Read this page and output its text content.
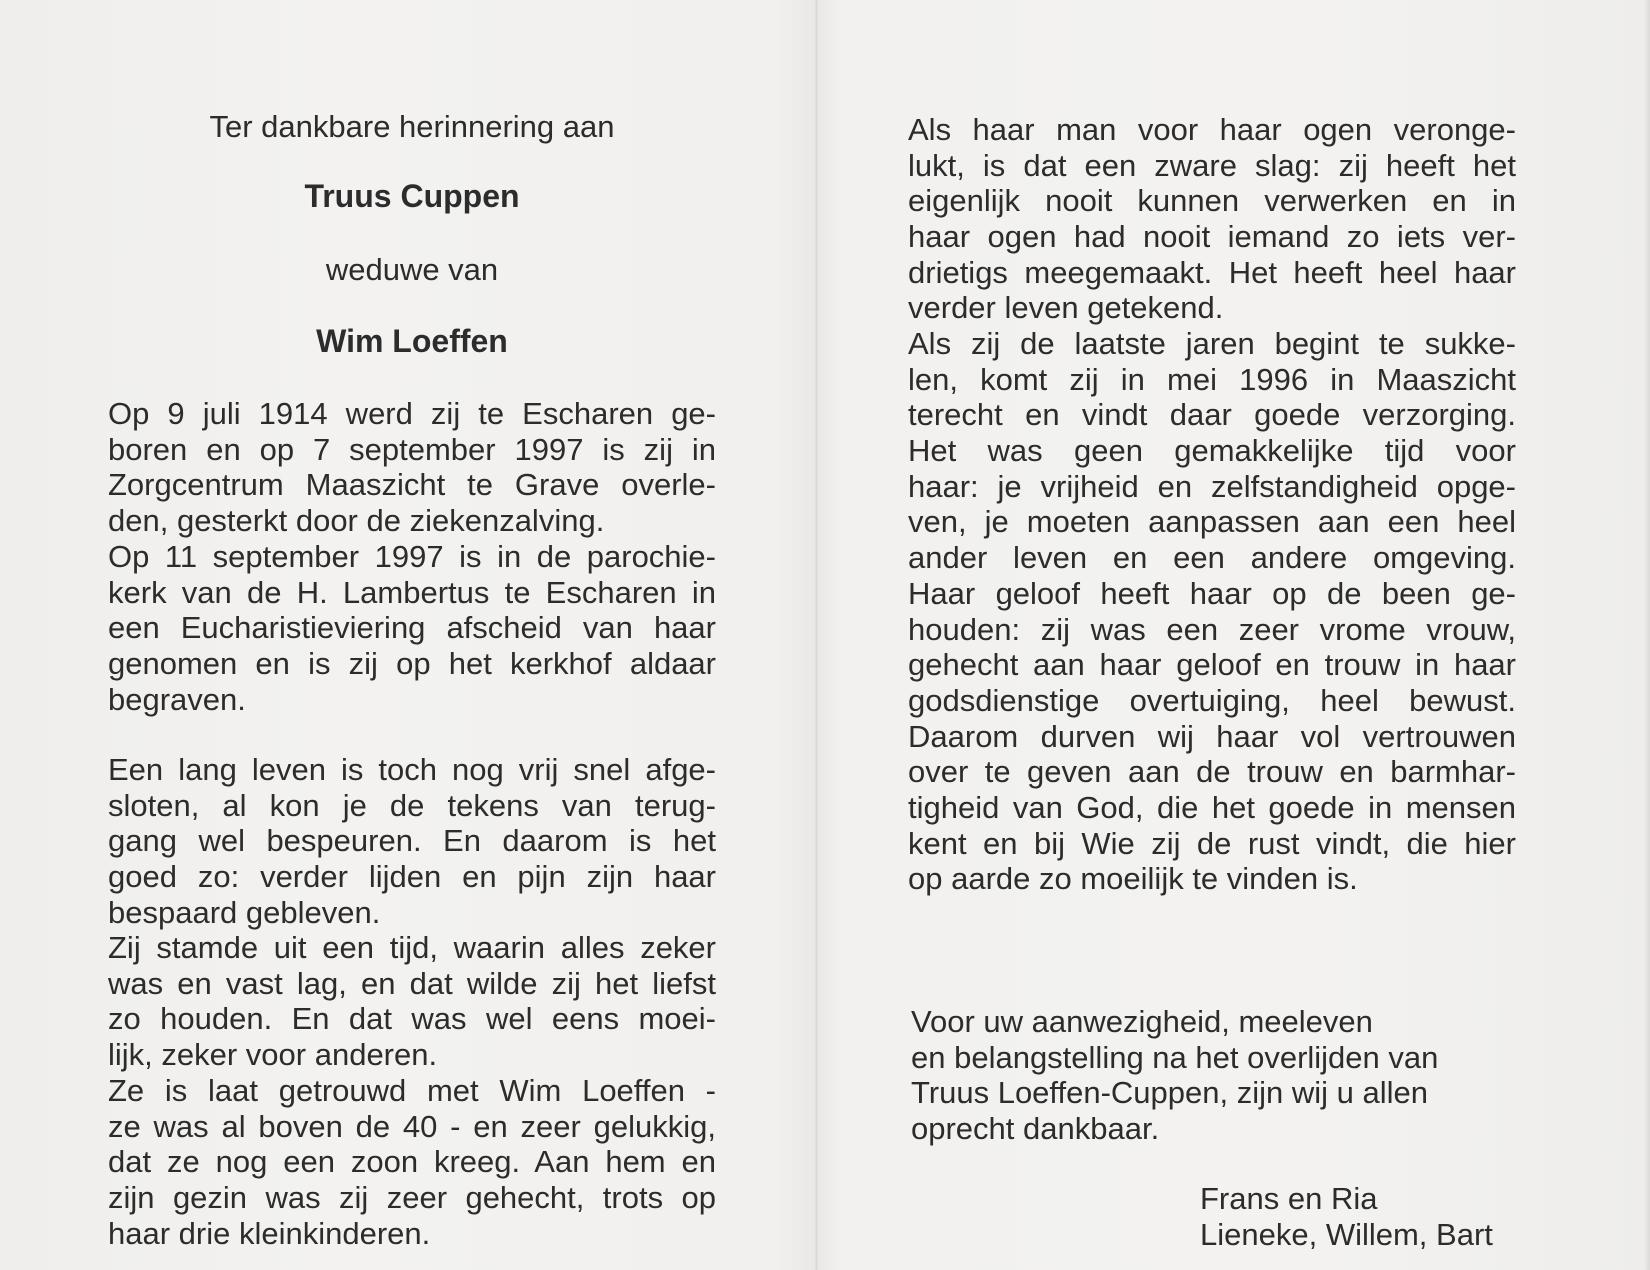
Ter dankbare herinnering aan
Truus Cuppen
weduwe van
Wim Loeffen
Op 9 juli 1914 werd zij te Escharen ge-
boren en op 7 september 1997 is zij in
Zorgcentrum Maaszicht te Grave overle-
den, gesterkt door de ziekenzalving.
Op 11 september 1997 is in de parochie-
kerk van de H. Lambertus te Escharen in
een Eucharistieviering afscheid van haar
genomen en is zij op het kerkhof aldaar
begraven.
Een lang leven is toch nog vrij snel afge-
sloten, al kon je de tekens van terug-
gang wel bespeuren. En daarom is het
goed zo: verder lijden en pijn zijn haar
bespaard gebleven.
Zij stamde uit een tijd, waarin alles zeker
was en vast lag, en dat wilde zij het liefst
zo houden. En dat was wel eens moei-
lijk, zeker voor anderen.
Ze is laat getrouwd met Wim Loeffen -
ze was al boven de 40 - en zeer gelukkig,
dat ze nog een zoon kreeg. Aan hem en
zijn gezin was zij zeer gehecht, trots op
haar drie kleinkinderen.
Als haar man voor haar ogen veronge-
lukt, is dat een zware slag: zij heeft het
eigenlijk nooit kunnen verwerken en in
haar ogen had nooit iemand zo iets ver-
drietigs meegemaakt. Het heeft heel haar
verder leven getekend.
Als zij de laatste jaren begint te sukke-
len, komt zij in mei 1996 in Maaszicht
terecht en vindt daar goede verzorging.
Het was geen gemakkelijke tijd voor
haar: je vrijheid en zelfstandigheid opge-
ven, je moeten aanpassen aan een heel
ander leven en een andere omgeving.
Haar geloof heeft haar op de been ge-
houden: zij was een zeer vrome vrouw,
gehecht aan haar geloof en trouw in haar
godsdienstige overtuiging, heel bewust.
Daarom durven wij haar vol vertrouwen
over te geven aan de trouw en barmhar-
tigheid van God, die het goede in mensen
kent en bij Wie zij de rust vindt, die hier
op aarde zo moeilijk te vinden is.
Voor uw aanwezigheid, meeleven
en belangstelling na het overlijden van
Truus Loeffen-Cuppen, zijn wij u allen
oprecht dankbaar.
Frans en Ria
Lieneke, Willem, Bart
